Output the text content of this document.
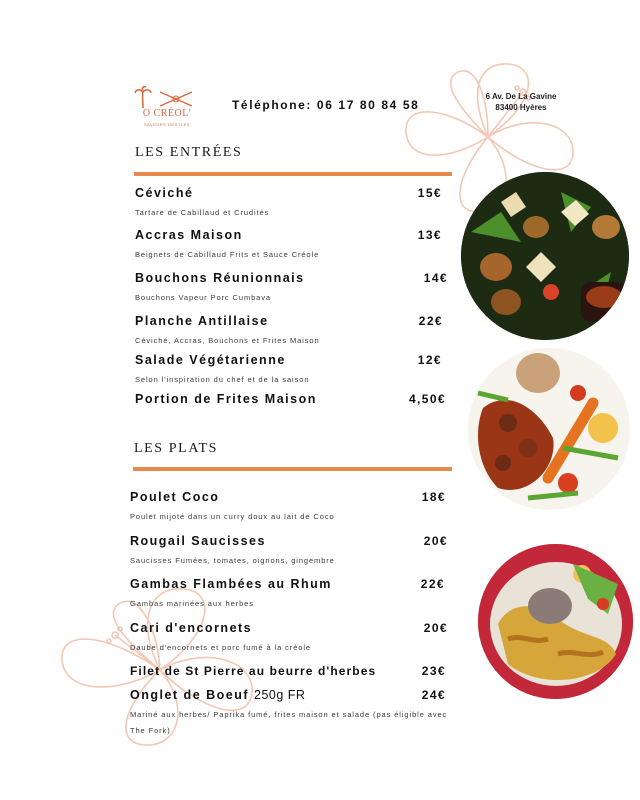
O CRÉOL'
SAVEURS DES ÎLES
Téléphone: 06 17 80 84 58
6 Av. De La Gavine
83400 Hyères
LES ENTRÉES
Céviché	15€
Tartare de Cabillaud et Crudités
Accras Maison	13€
Beignets de Cabillaud Frits et Sauce Créole
Bouchons Réunionnais	14€
Bouchons Vapeur Porc Cumbava
Planche Antillaise	22€
Céviché, Accras, Bouchons et Frites Maison
Salade Végétarienne	12€
Selon l'inspiration du chef et de la saison
Portion de Frites Maison	4,50€
LES PLATS
Poulet Coco	18€
Poulet mijoté dans un curry doux au lait de Coco
Rougail Saucisses	20€
Saucisses Fumées, tomates, oignons, gingembre
Gambas Flambées au Rhum	22€
Gambas marinées aux herbes
Cari d'encornets	20€
Daube d'encornets et porc fumé à la créole
Filet de St Pierre au beurre d'herbes	23€
Onglet de Boeuf 250g FR	24€
Mariné aux herbes/ Paprika fumé, frites maison et salade (pas éligible avec The Fork)
